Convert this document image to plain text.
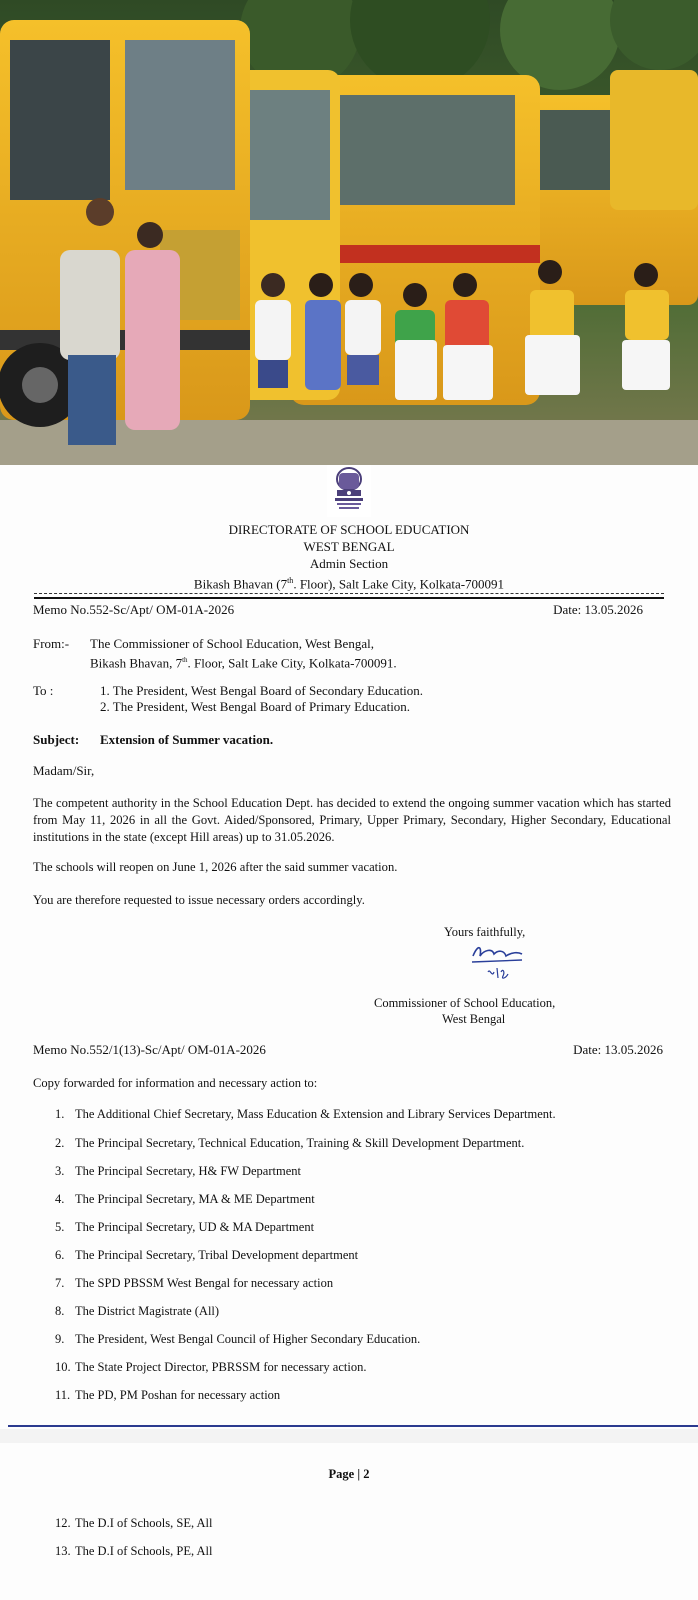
DIRECTORATE OF SCHOOL EDUCATION
WEST BENGAL
Admin Section
Bikash Bhavan (7th. Floor), Salt Lake City, Kolkata-700091
Memo No.552-Sc/Apt/ OM-01A-2026	Date: 13.05.2026
From:- The Commissioner of School Education, West Bengal,
Bikash Bhavan, 7th. Floor, Salt Lake City, Kolkata-700091.
To :	1. The President, West Bengal Board of Secondary Education.
2. The President, West Bengal Board of Primary Education.
Subject: Extension of Summer vacation.
Madam/Sir,
The competent authority in the School Education Dept. has decided to extend the ongoing summer vacation which has started from May 11, 2026 in all the Govt. Aided/Sponsored, Primary, Upper Primary, Secondary, Higher Secondary, Educational institutions in the state (except Hill areas) up to 31.05.2026.
The schools will reopen on June 1, 2026 after the said summer vacation.
You are therefore requested to issue necessary orders accordingly.
Yours faithfully,
Commissioner of School Education,
West Bengal
Memo No.552/1(13)-Sc/Apt/ OM-01A-2026	Date: 13.05.2026
Copy forwarded for information and necessary action to:
1. The Additional Chief Secretary, Mass Education & Extension and Library Services Department.
2. The Principal Secretary, Technical Education, Training & Skill Development Department.
3. The Principal Secretary, H& FW Department
4. The Principal Secretary, MA & ME Department
5. The Principal Secretary, UD & MA Department
6. The Principal Secretary, Tribal Development department
7. The SPD PBSSM West Bengal for necessary action
8. The District Magistrate (All)
9. The President, West Bengal Council of Higher Secondary Education.
10. The State Project Director, PBRSSM for necessary action.
11. The PD, PM Poshan for necessary action
Page | 2
12. The D.I of Schools, SE, All
13. The D.I of Schools, PE, All
